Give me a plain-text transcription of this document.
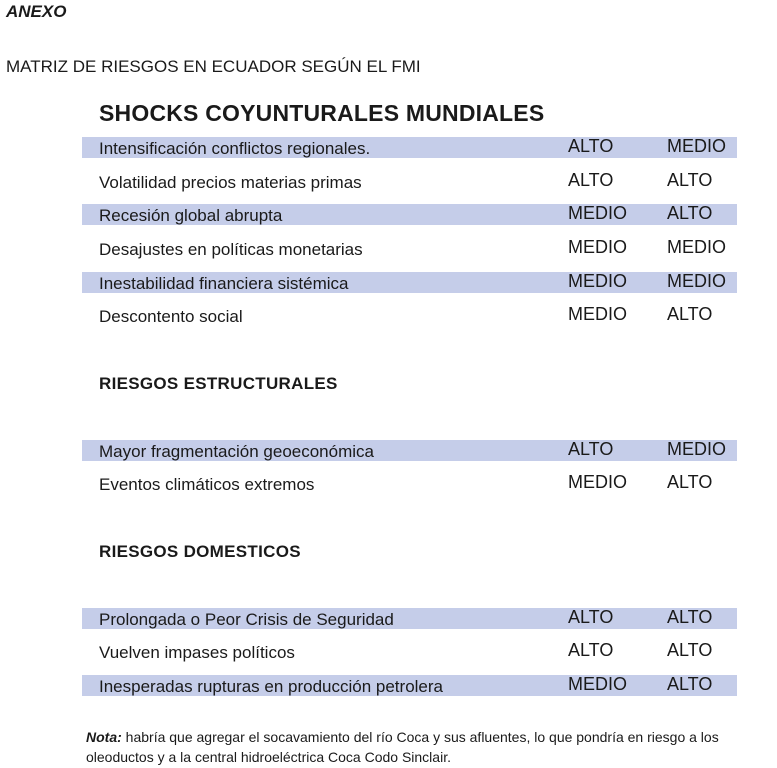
ANEXO
MATRIZ DE RIESGOS EN ECUADOR SEGÚN EL FMI
SHOCKS COYUNTURALES MUNDIALES
Intensificación conflictos regionales.	ALTO	MEDIO
Volatilidad precios materias primas	ALTO	ALTO
Recesión global abrupta	MEDIO ALTO
Desajustes en políticas monetarias	MEDIO MEDIO
Inestabilidad financiera sistémica	MEDIO MEDIO
Descontento social	MEDIO ALTO
RIESGOS ESTRUCTURALES
Mayor fragmentación geoeconómica	ALTO	MEDIO
Eventos climáticos extremos	MEDIO ALTO
RIESGOS DOMESTICOS
Prolongada o Peor Crisis de Seguridad	ALTO	ALTO
Vuelven impases políticos	ALTO	ALTO
Inesperadas rupturas en producción petrolera	MEDIO ALTO
Nota: habría que agregar el socavamiento del río Coca y sus afluentes, lo que pondría en riesgo a los oleoductos y a la central hidroeléctrica Coca Codo Sinclair.
